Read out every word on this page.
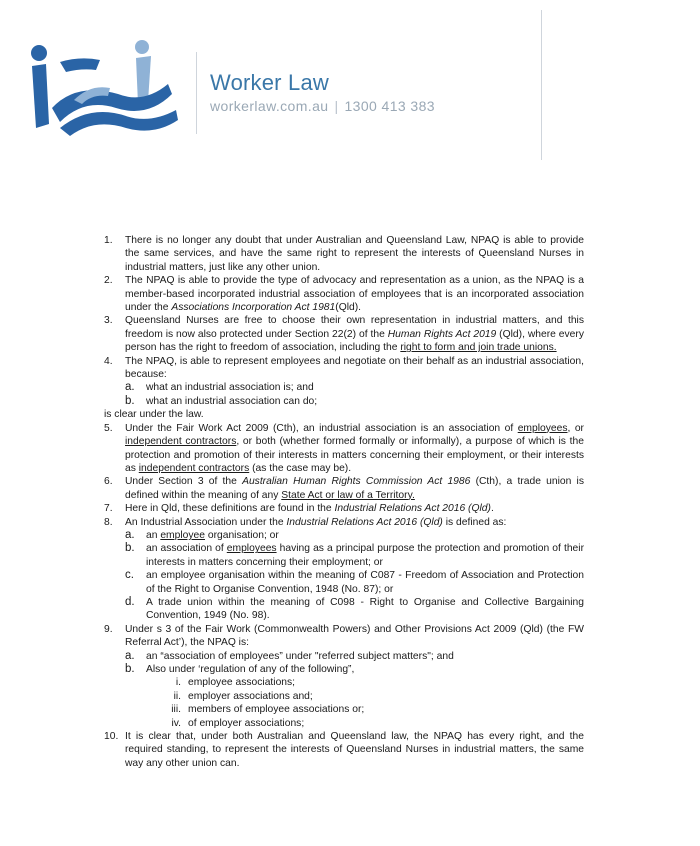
Worker Law
workerlaw.com.au | 1300 413 383
1. There is no longer any doubt that under Australian and Queensland Law, NPAQ is able to provide the same services, and have the same right to represent the interests of Queensland Nurses in industrial matters, just like any other union.
2. The NPAQ is able to provide the type of advocacy and representation as a union, as the NPAQ is a member-based incorporated industrial association of employees that is an incorporated association under the Associations Incorporation Act 1981(Qld).
3. Queensland Nurses are free to choose their own representation in industrial matters, and this freedom is now also protected under Section 22(2) of the Human Rights Act 2019 (Qld), where every person has the right to freedom of association, including the right to form and join trade unions.
4. The NPAQ, is able to represent employees and negotiate on their behalf as an industrial association, because:
a. what an industrial association is; and
b. what an industrial association can do;
is clear under the law.
5. Under the Fair Work Act 2009 (Cth), an industrial association is an association of employees, or independent contractors, or both (whether formed formally or informally), a purpose of which is the protection and promotion of their interests in matters concerning their employment, or their interests as independent contractors (as the case may be).
6. Under Section 3 of the Australian Human Rights Commission Act 1986 (Cth), a trade union is defined within the meaning of any State Act or law of a Territory.
7. Here in Qld, these definitions are found in the Industrial Relations Act 2016 (Qld).
8. An Industrial Association under the Industrial Relations Act 2016 (Qld) is defined as:
a. an employee organisation; or
b. an association of employees having as a principal purpose the protection and promotion of their interests in matters concerning their employment; or
c. an employee organisation within the meaning of C087 - Freedom of Association and Protection of the Right to Organise Convention, 1948 (No. 87); or
d. A trade union within the meaning of C098 - Right to Organise and Collective Bargaining Convention, 1949 (No. 98).
9. Under s 3 of the Fair Work (Commonwealth Powers) and Other Provisions Act 2009 (Qld) (the FW Referral Act’), the NPAQ is:
a. an “association of employees” under "referred subject matters"; and
b. Also under ‘regulation of any of the following”,
i. employee associations;
ii. employer associations and;
iii. members of employee associations or;
iv. of employer associations;
10. It is clear that, under both Australian and Queensland law, the NPAQ has every right, and the required standing, to represent the interests of Queensland Nurses in industrial matters, the same way any other union can.
